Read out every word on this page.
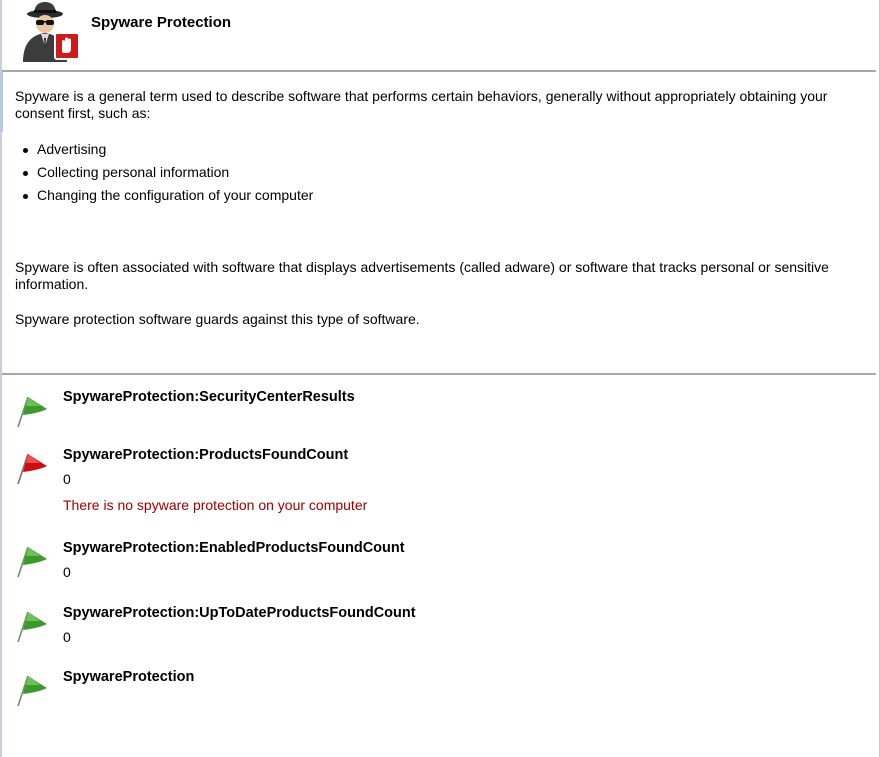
Spyware Protection

Spyware is a general term used to describe software that performs certain behaviors, generally without appropriately obtaining your consent first, such as:

Advertising
Collecting personal information
Changing the configuration of your computer

Spyware is often associated with software that displays advertisements (called adware) or software that tracks personal or sensitive information.

Spyware protection software guards against this type of software.

SpywareProtection:SecurityCenterResults
SpywareProtection:ProductsFoundCount
0
There is no spyware protection on your computer
SpywareProtection:EnabledProductsFoundCount
0
SpywareProtection:UpToDateProductsFoundCount
0
SpywareProtection
